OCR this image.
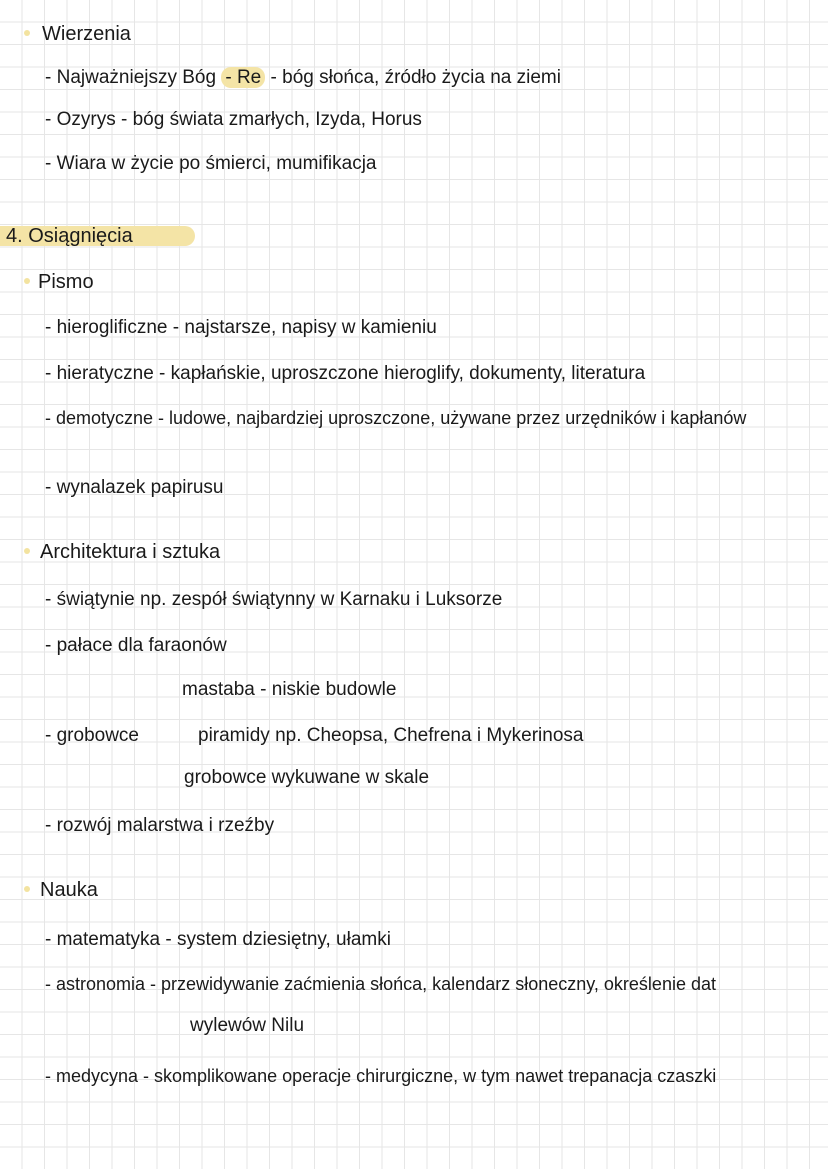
Wierzenia
- Najważniejszy Bóg - Re - bóg słońca, źródło życia na ziemi
- Ozyrys - bóg świata zmarłych, Izyda, Horus
- Wiara w życie po śmierci, mumifikacja
4. Osiągnięcia
Pismo
- hieroglificzne - najstarsze, napisy w kamieniu
- hieratyczne - kapłańskie, uproszczone hieroglify, dokumenty, literatura
- demotyczne - ludowe, najbardziej uproszczone, używane przez urzędników i kapłanów
- wynalazek papirusu
Architektura i sztuka
- świątynie np. zespół świątynny w Karnaku i Luksorze
- pałace dla faraonów
mastaba - niskie budowle
- grobowce	piramidy np. Cheopsa, Chefrena i Mykerinosa
grobowce wykuwane w skale
- rozwój malarstwa i rzeźby
Nauka
- matematyka - system dziesiętny, ułamki
- astronomia - przewidywanie zaćmienia słońca, kalendarz słoneczny, określenie dat
wylewów Nilu
- medycyna - skomplikowane operacje chirurgiczne, w tym nawet trepanacja czaszki
